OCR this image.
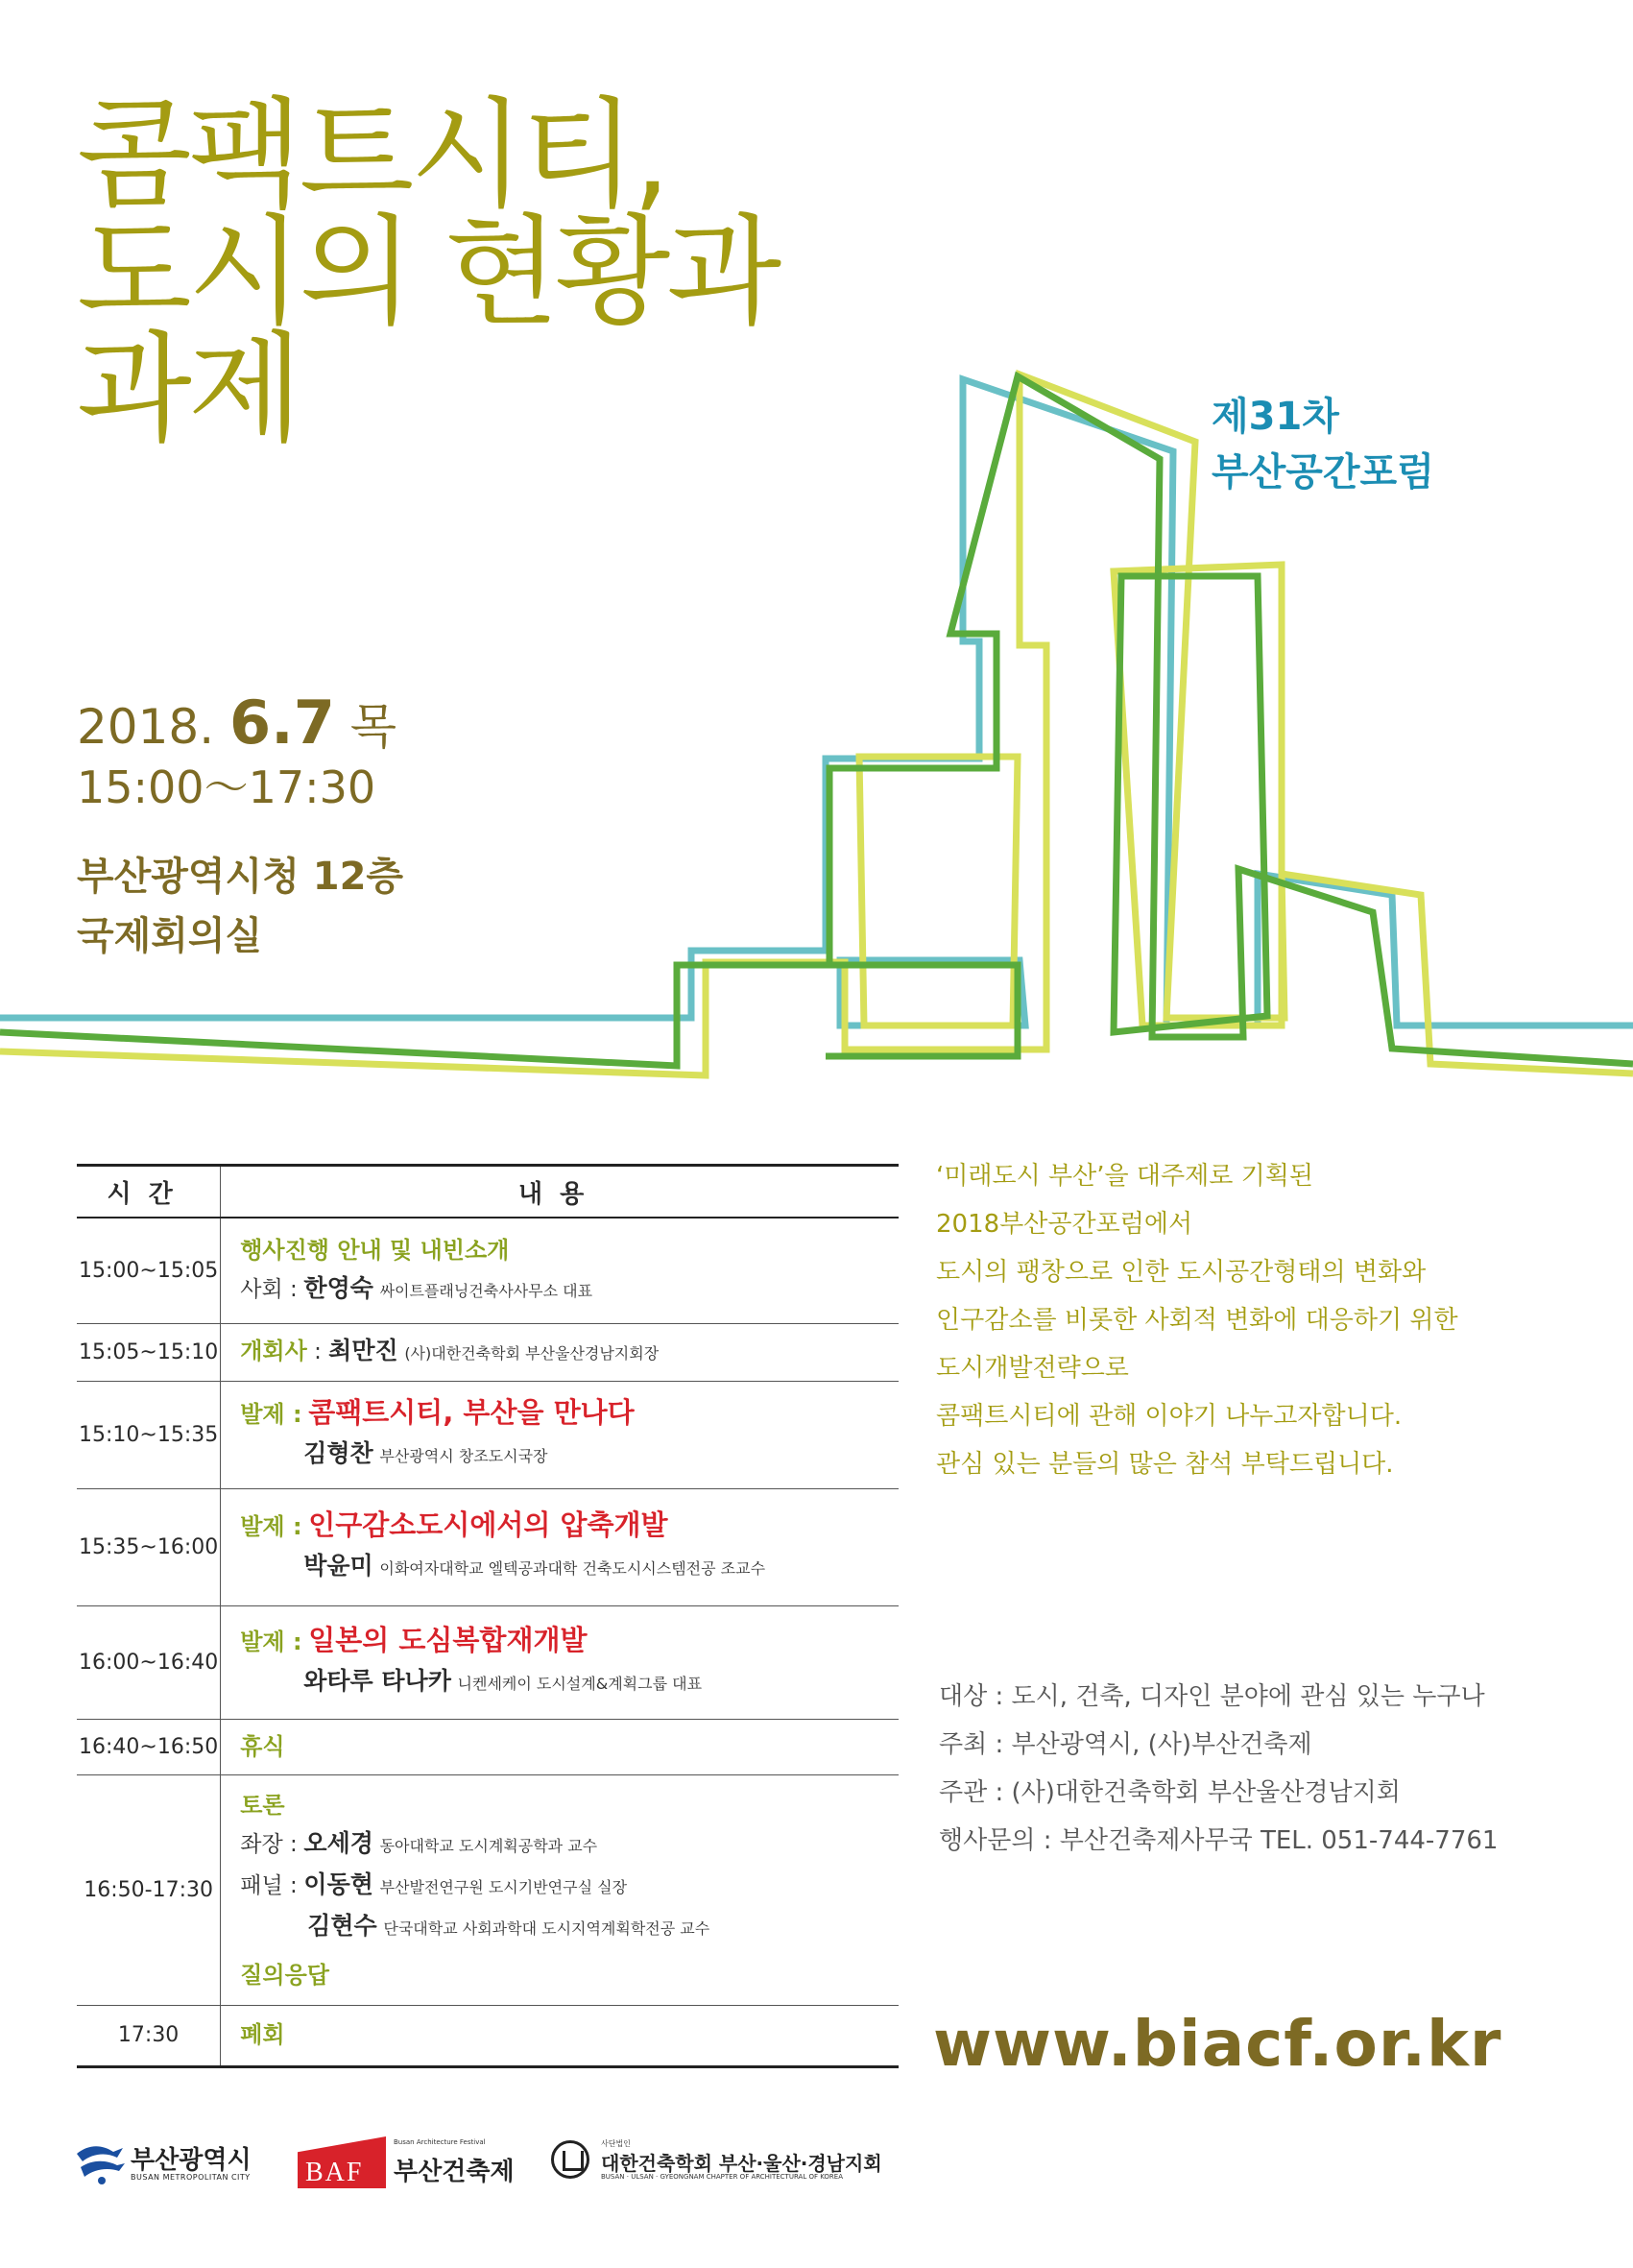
콤팩트시티,
도시의 현황과
과제	제31차
부산공간포럼
2018. 6.7 목
15:00～17:30
부산광역시청 12층
국제회의실
시간	내용
15:00~15:05	행사진행 안내 및 내빈소개
사회 : 한영숙 싸이트플래닝건축사사무소 대표

15:05~15:10	개회사 : 최만진 (사)대한건축학회 부산울산경남지회장
15:10~15:35	발제 : 콤팩트시티, 부산을 만나다
김형찬 부산광역시 창조도시국장

15:35~16:00	발제 : 인구감소도시에서의 압축개발
박윤미 이화여자대학교 엘텍공과대학 건축도시시스템전공 조교수

16:00~16:40	발제 : 일본의 도심복합재개발
와타루 타나카 니켄세케이 도시설계&계획그룹 대표

16:40~16:50	휴식
16:50-17:30	토론
좌장 : 오세경 동아대학교 도시계획공학과 교수
패널 : 이동현 부산발전연구원 도시기반연구실 실장
김현수 단국대학교 사회과학대 도시지역계획학전공 교수
질의응답

17:30	폐회
‘미래도시 부산’을 대주제로 기획된
2018부산공간포럼에서
도시의 팽창으로 인한 도시공간형태의 변화와
인구감소를 비롯한 사회적 변화에 대응하기 위한
도시개발전략으로
콤팩트시티에 관해 이야기 나누고자합니다.
관심 있는 분들의 많은 참석 부탁드립니다.
대상 : 도시, 건축, 디자인 분야에 관심 있는 누구나
주최 : 부산광역시, (사)부산건축제
주관 : (사)대한건축학회 부산울산경남지회
행사문의 : 부산건축제사무국 TEL. 051-744-7761
www.biacf.or.kr
부산광역시
BUSAN METROPOLITAN CITY BAF
Busan Architecture Festival
부산건축제
사단법인
대한건축학회 부산·울산·경남지회
BUSAN · ULSAN · GYEONGNAM CHAPTER OF ARCHITECTURAL OF KOREA
